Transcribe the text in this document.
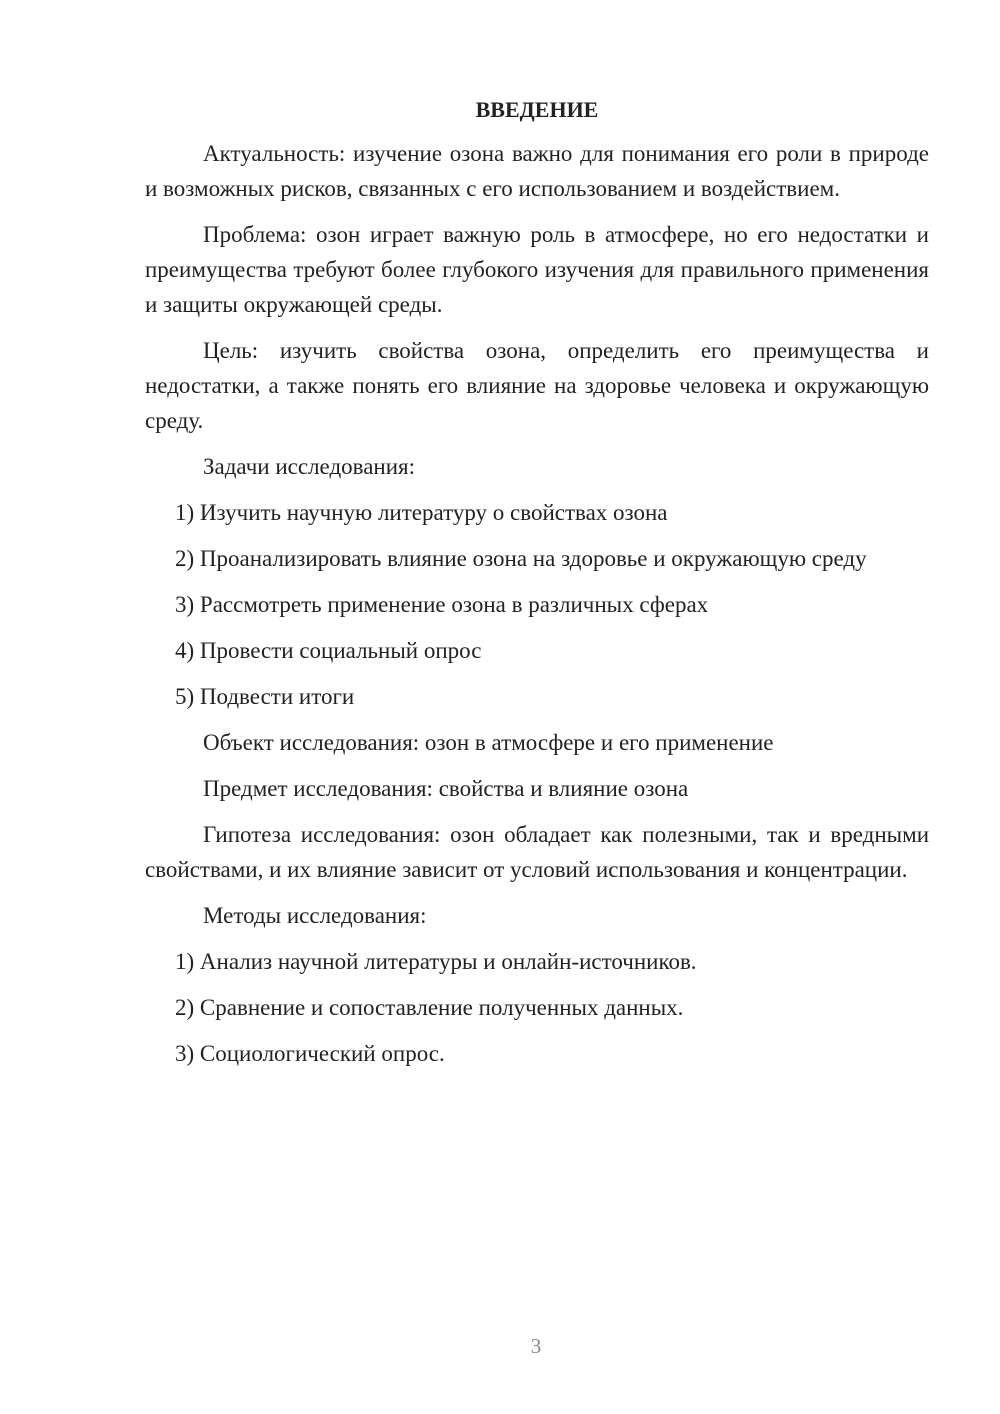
ВВЕДЕНИЕ

Актуальность: изучение озона важно для понимания его роли в природе и возможных рисков, связанных с его использованием и воздействием.

Проблема: озон играет важную роль в атмосфере, но его недостатки и преимущества требуют более глубокого изучения для правильного применения и защиты окружающей среды.

Цель: изучить свойства озона, определить его преимущества и недостатки, а также понять его влияние на здоровье человека и окружающую среду.

Задачи исследования:

1) Изучить научную литературу о свойствах озона

2) Проанализировать влияние озона на здоровье и окружающую среду

3) Рассмотреть применение озона в различных сферах

4) Провести социальный опрос

5) Подвести итоги

Объект исследования: озон в атмосфере и его применение

Предмет исследования: свойства и влияние озона

Гипотеза исследования: озон обладает как полезными, так и вредными свойствами, и их влияние зависит от условий использования и концентрации.

Методы исследования:

1) Анализ научной литературы и онлайн-источников.

2) Сравнение и сопоставление полученных данных.

3) Социологический опрос.

3
